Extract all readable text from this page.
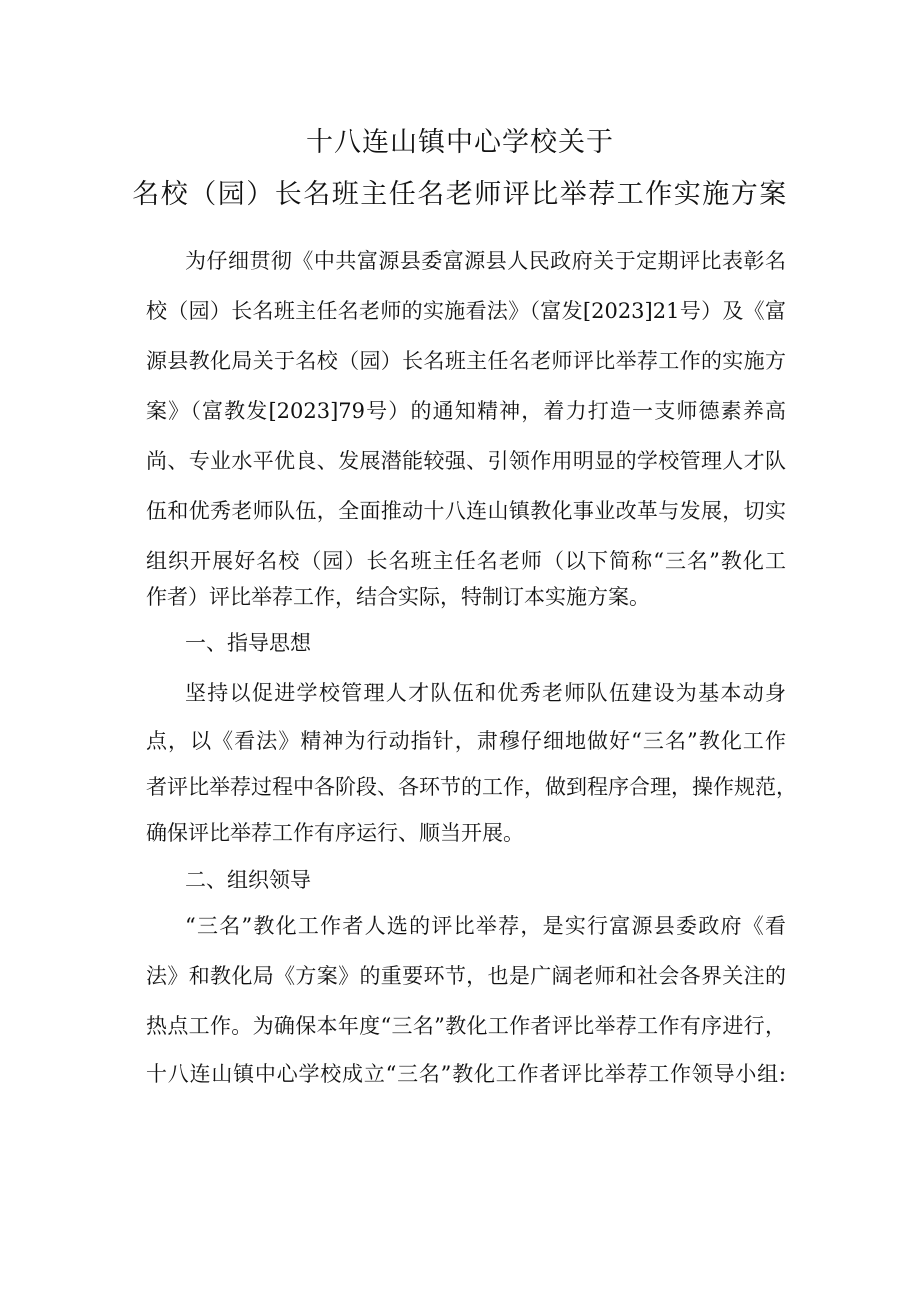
十八连山镇中心学校关于
名校（园）长名班主任名老师评比举荐工作实施方案
为仔细贯彻《中共富源县委富源县人民政府关于定期评比表彰名
校（园）长名班主任名老师的实施看法》（富发[2023]21号）及《富
源县教化局关于名校（园）长名班主任名老师评比举荐工作的实施方
案》（富教发[2023]79号）的通知精神，着力打造一支师德素养高
尚、专业水平优良、发展潜能较强、引领作用明显的学校管理人才队
伍和优秀老师队伍，全面推动十八连山镇教化事业改革与发展，切实
组织开展好名校（园）长名班主任名老师（以下简称“三名”教化工
作者）评比举荐工作，结合实际，特制订本实施方案。
一、指导思想
坚持以促进学校管理人才队伍和优秀老师队伍建设为基本动身
点，以《看法》精神为行动指针，肃穆仔细地做好“三名”教化工作
者评比举荐过程中各阶段、各环节的工作，做到程序合理，操作规范，
确保评比举荐工作有序运行、顺当开展。
二、组织领导
“三名”教化工作者人选的评比举荐，是实行富源县委政府《看
法》和教化局《方案》的重要环节，也是广阔老师和社会各界关注的
热点工作。为确保本年度“三名”教化工作者评比举荐工作有序进行，
十八连山镇中心学校成立“三名”教化工作者评比举荐工作领导小组:
